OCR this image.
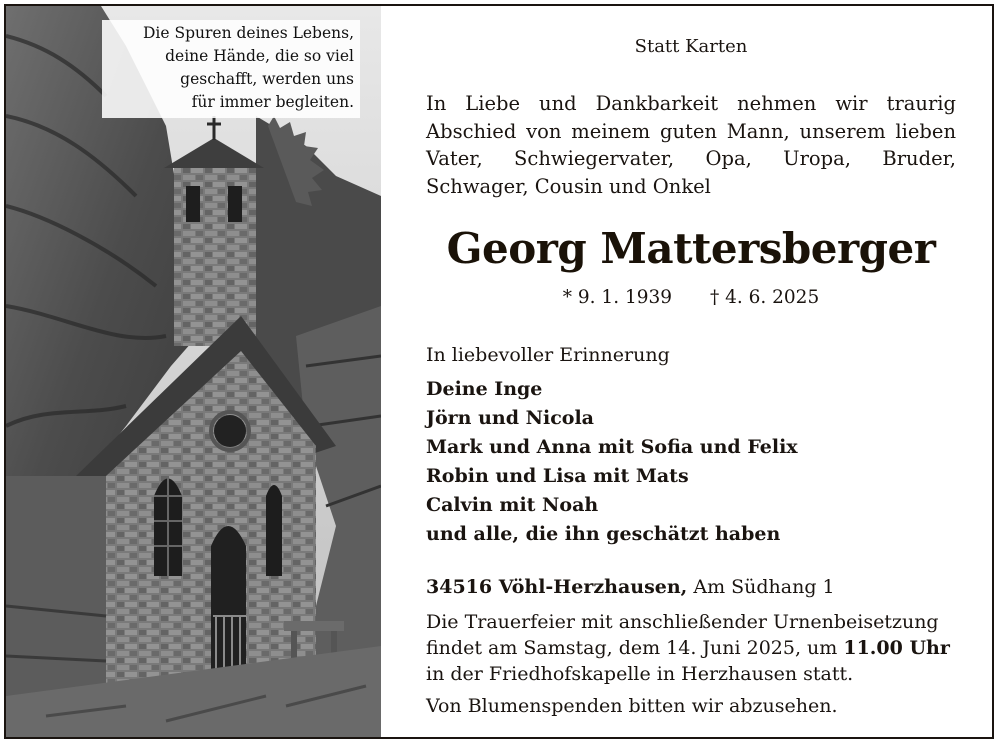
Die Spuren deines Lebens,
deine Hände, die so viel
geschafft, werden uns
für immer begleiten.
Statt Karten
In Liebe und Dankbarkeit nehmen wir traurig Abschied von meinem guten Mann, unserem lieben Vater, Schwiegervater, Opa, Uropa, Bruder, Schwager, Cousin und Onkel
Georg Mattersberger
* 9. 1. 1939 † 4. 6. 2025
In liebevoller Erinnerung
Deine Inge
Jörn und Nicola
Mark und Anna mit Sofia und Felix
Robin und Lisa mit Mats
Calvin mit Noah
und alle, die ihn geschätzt haben
34516 Vöhl-Herzhausen, Am Südhang 1
Die Trauerfeier mit anschließender Urnenbeisetzung findet am Samstag, dem 14. Juni 2025, um 11.00 Uhr in der Friedhofskapelle in Herzhausen statt.
Von Blumenspenden bitten wir abzusehen.
